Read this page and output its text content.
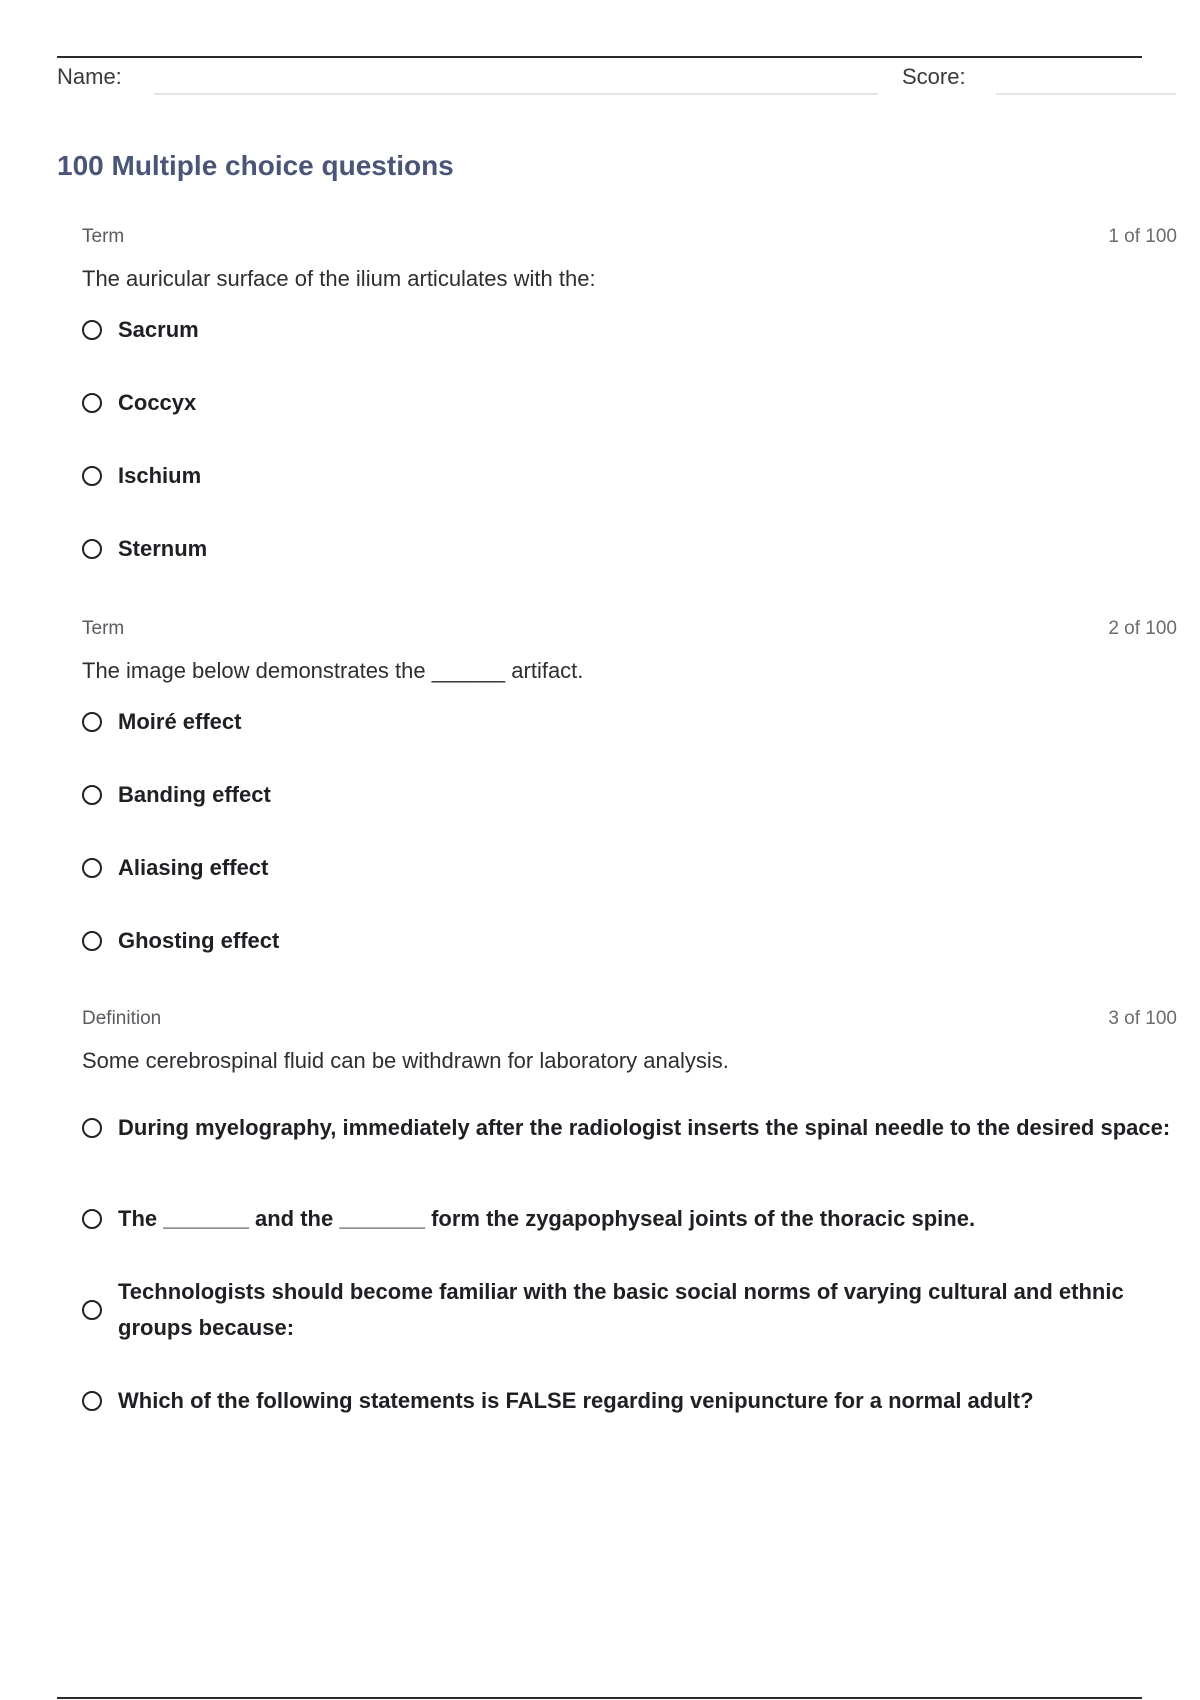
Name:	Score:
100 Multiple choice questions
Term	1 of 100
The auricular surface of the ilium articulates with the:
Sacrum
Coccyx
Ischium
Sternum
Term	2 of 100
The image below demonstrates the ______ artifact.
Moiré effect
Banding effect
Aliasing effect
Ghosting effect
Definition	3 of 100
Some cerebrospinal fluid can be withdrawn for laboratory analysis.
During myelography, immediately after the radiologist inserts the spinal needle to the desired space:
The _______ and the _______ form the zygapophyseal joints of the thoracic spine.
Technologists should become familiar with the basic social norms of varying cultural and ethnic groups because:
Which of the following statements is FALSE regarding venipuncture for a normal adult?
